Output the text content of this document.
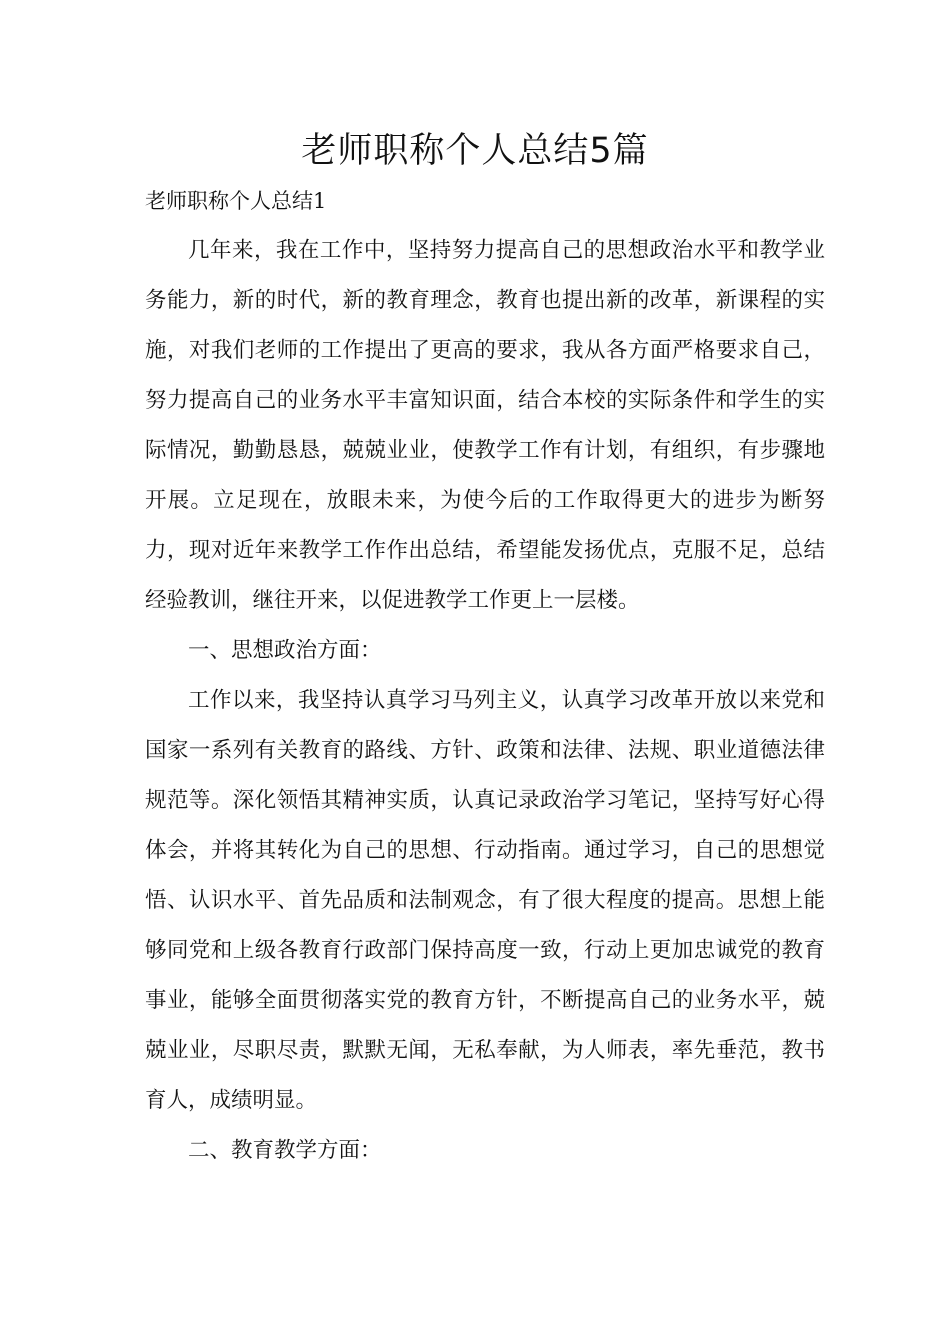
老师职称个人总结5篇
老师职称个人总结1

几年来，我在工作中，坚持努力提高自己的思想政治水平和教学业务能力，新的时代，新的教育理念，教育也提出新的改革，新课程的实施，对我们老师的工作提出了更高的要求，我从各方面严格要求自己，努力提高自己的业务水平丰富知识面，结合本校的实际条件和学生的实际情况，勤勤恳恳，兢兢业业，使教学工作有计划，有组织，有步骤地开展。立足现在，放眼未来，为使今后的工作取得更大的进步为断努力，现对近年来教学工作作出总结，希望能发扬优点，克服不足，总结经验教训，继往开来，以促进教学工作更上一层楼。

一、思想政治方面：

工作以来，我坚持认真学习马列主义，认真学习改革开放以来党和国家一系列有关教育的路线、方针、政策和法律、法规、职业道德法律规范等。深化领悟其精神实质，认真记录政治学习笔记，坚持写好心得体会，并将其转化为自己的思想、行动指南。通过学习，自己的思想觉悟、认识水平、首先品质和法制观念，有了很大程度的提高。思想上能够同党和上级各教育行政部门保持高度一致，行动上更加忠诚党的教育事业，能够全面贯彻落实党的教育方针，不断提高自己的业务水平，兢兢业业，尽职尽责，默默无闻，无私奉献，为人师表，率先垂范，教书育人，成绩明显。

二、教育教学方面：
